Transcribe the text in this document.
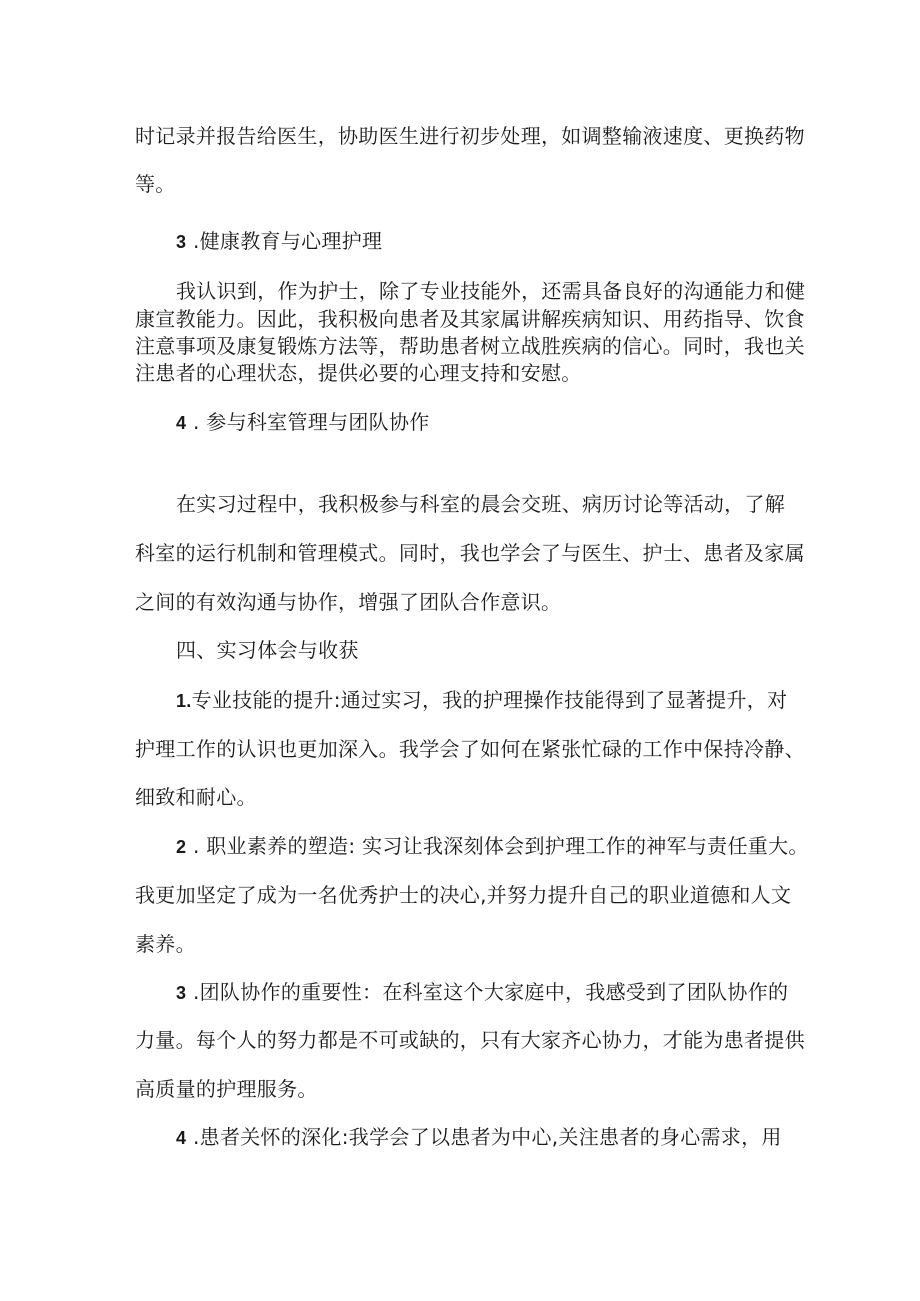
时记录并报告给医生，协助医生进行初步处理，如调整输液速度、更换药物
等。
3 .健康教育与心理护理
我认识到，作为护士，除了专业技能外，还需具备良好的沟通能力和健
康宣教能力。因此，我积极向患者及其家属讲解疾病知识、用药指导、饮食
注意事项及康复锻炼方法等，帮助患者树立战胜疾病的信心。同时，我也关
注患者的心理状态，提供必要的心理支持和安慰。
4 . 参与科室管理与团队协作
在实习过程中，我积极参与科室的晨会交班、病历讨论等活动，了解
科室的运行机制和管理模式。同时，我也学会了与医生、护士、患者及家属
之间的有效沟通与协作，增强了团队合作意识。
四、实习体会与收获
1.专业技能的提升:通过实习，我的护理操作技能得到了显著提升，对
护理工作的认识也更加深入。我学会了如何在紧张忙碌的工作中保持冷静、
细致和耐心。
2 . 职业素养的塑造: 实习让我深刻体会到护理工作的神军与责任重大。
我更加坚定了成为一名优秀护士的决心,并努力提升自己的职业道德和人文
素养。
3 .团队协作的重要性：在科室这个大家庭中，我感受到了团队协作的
力量。每个人的努力都是不可或缺的，只有大家齐心协力，才能为患者提供
高质量的护理服务。
4 .患者关怀的深化:我学会了以患者为中心,关注患者的身心需求，用
